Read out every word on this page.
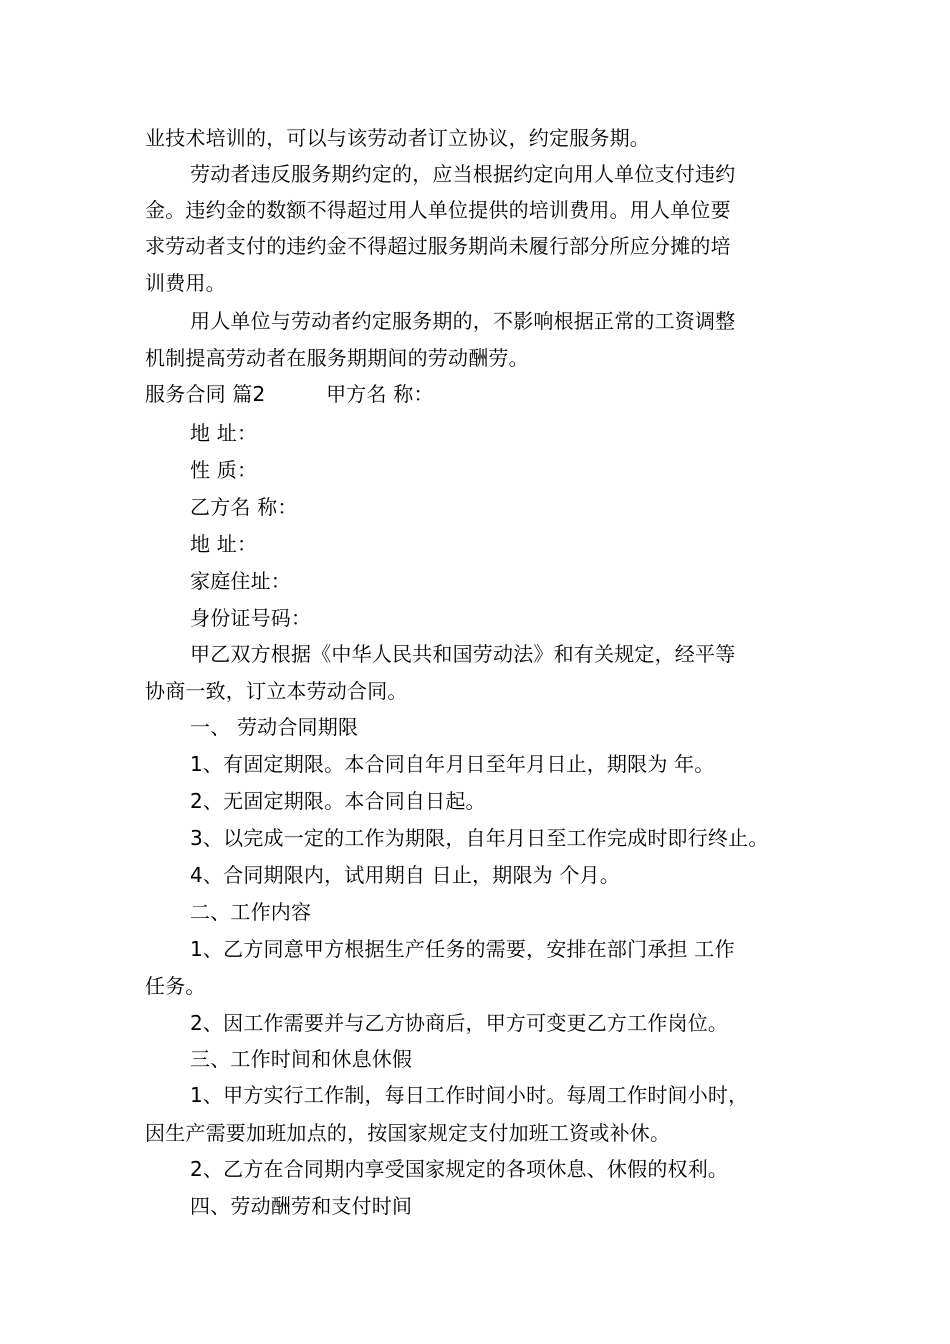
业技术培训的，可以与该劳动者订立协议，约定服务期。
劳动者违反服务期约定的，应当根据约定向用人单位支付违约
金。违约金的数额不得超过用人单位提供的培训费用。用人单位要
求劳动者支付的违约金不得超过服务期尚未履行部分所应分摊的培
训费用。
用人单位与劳动者约定服务期的，不影响根据正常的工资调整
机制提高劳动者在服务期期间的劳动酬劳。
服务合同 篇2　　　甲方名 称：
地 址：
性 质：
乙方名 称：
地 址：
家庭住址：
身份证号码：
甲乙双方根据《中华人民共和国劳动法》和有关规定，经平等
协商一致，订立本劳动合同。
一、 劳动合同期限
1、有固定期限。本合同自年月日至年月日止，期限为 年。
2、无固定期限。本合同自日起。
3、以完成一定的工作为期限，自年月日至工作完成时即行终止。
4、合同期限内，试用期自 日止，期限为 个月。
二、工作内容
1、乙方同意甲方根据生产任务的需要，安排在部门承担 工作
任务。
2、因工作需要并与乙方协商后，甲方可变更乙方工作岗位。
三、工作时间和休息休假
1、甲方实行工作制，每日工作时间小时。每周工作时间小时，
因生产需要加班加点的，按国家规定支付加班工资或补休。
2、乙方在合同期内享受国家规定的各项休息、休假的权利。
四、劳动酬劳和支付时间
